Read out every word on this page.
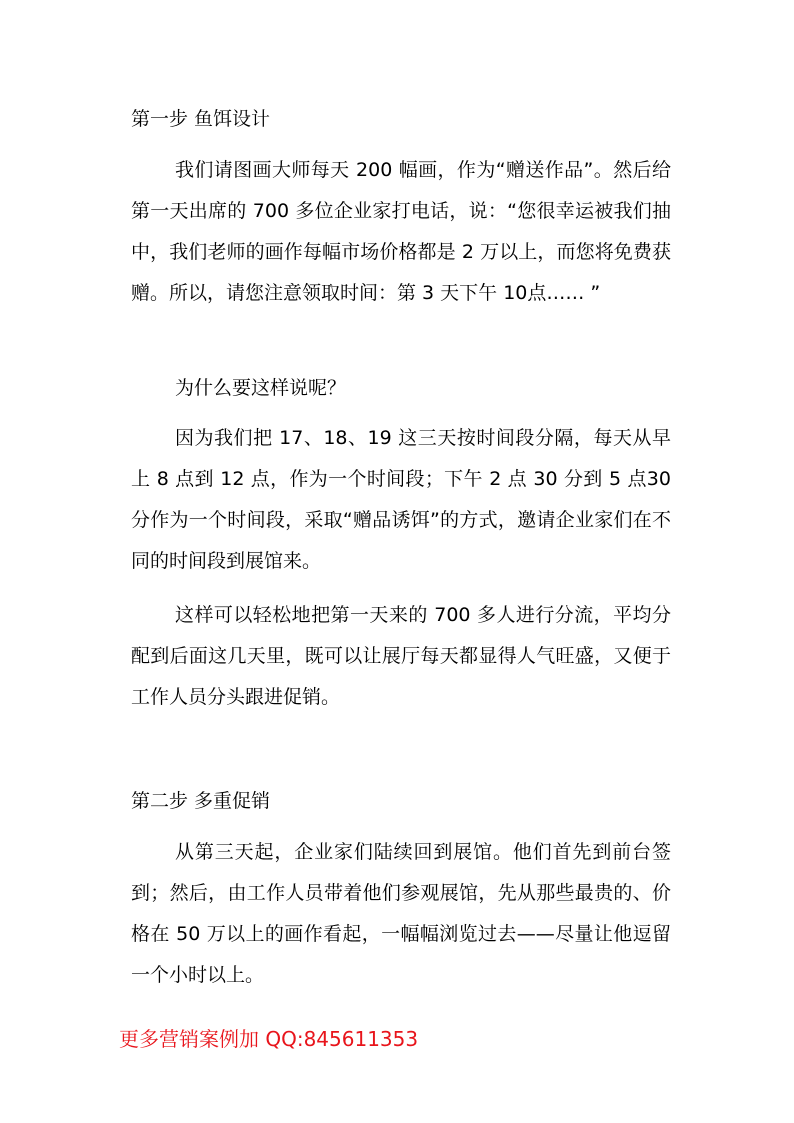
第一步 鱼饵设计
我们请图画大师每天 200 幅画，作为“赠送作品”。然后给第一天出席的 700 多位企业家打电话，说：“您很幸运被我们抽中，我们老师的画作每幅市场价格都是 2 万以上，而您将免费获赠。所以，请您注意领取时间：第 3 天下午 10点…… ”
为什么要这样说呢？
因为我们把 17、18、19 这三天按时间段分隔，每天从早上 8 点到 12 点，作为一个时间段；下午 2 点 30 分到 5 点30 分作为一个时间段，采取“赠品诱饵”的方式，邀请企业家们在不同的时间段到展馆来。
这样可以轻松地把第一天来的 700 多人进行分流，平均分配到后面这几天里，既可以让展厅每天都显得人气旺盛，又便于工作人员分头跟进促销。
第二步 多重促销
从第三天起，企业家们陆续回到展馆。他们首先到前台签到；然后，由工作人员带着他们参观展馆，先从那些最贵的、价格在 50 万以上的画作看起，一幅幅浏览过去——尽量让他逗留一个小时以上。
更多营销案例加 QQ:845611353
